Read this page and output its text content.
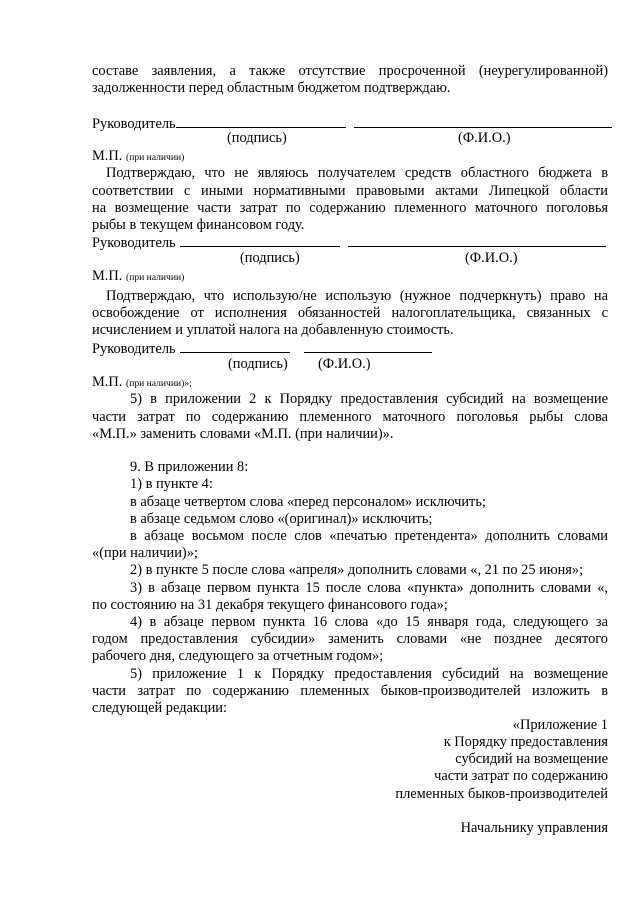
составе заявления, а также отсутствие просроченной (неурегулированной)
задолженности перед областным бюджетом подтверждаю.
Руководитель
(подпись)	(Ф.И.О.)
М.П. (при наличии)
Подтверждаю, что не являюсь получателем средств областного бюджета в
соответствии с иными нормативными правовыми актами Липецкой области
на возмещение части затрат по содержанию племенного маточного поголовья
рыбы в текущем финансовом году.
Руководитель
(подпись)	(Ф.И.О.)
М.П. (при наличии)
Подтверждаю, что использую/не использую (нужное подчеркнуть) право на
освобождение от исполнения обязанностей налогоплательщика, связанных с
исчислением и уплатой налога на добавленную стоимость.
Руководитель
(подпись) (Ф.И.О.)
М.П. (при наличии)»;
5) в приложении 2 к Порядку предоставления субсидий на возмещение
части затрат по содержанию племенного маточного поголовья рыбы слова
«М.П.» заменить словами «М.П. (при наличии)».
9. В приложении 8:
1) в пункте 4:
в абзаце четвертом слова «перед персоналом» исключить;
в абзаце седьмом слово «(оригинал)» исключить;
в абзаце восьмом после слов «печатью претендента» дополнить словами
«(при наличии)»;
2) в пункте 5 после слова «апреля» дополнить словами «, 21 по 25 июня»;
3) в абзаце первом пункта 15 после слова «пункта» дополнить словами «,
по состоянию на 31 декабря текущего финансового года»;
4) в абзаце первом пункта 16 слова «до 15 января года, следующего за
годом предоставления субсидии» заменить словами «не позднее десятого
рабочего дня, следующего за отчетным годом»;
5) приложение 1 к Порядку предоставления субсидий на возмещение
части затрат по содержанию племенных быков-производителей изложить в
следующей редакции:
«Приложение 1
к Порядку предоставления
субсидий на возмещение
части затрат по содержанию
племенных быков-производителей
Начальнику управления
